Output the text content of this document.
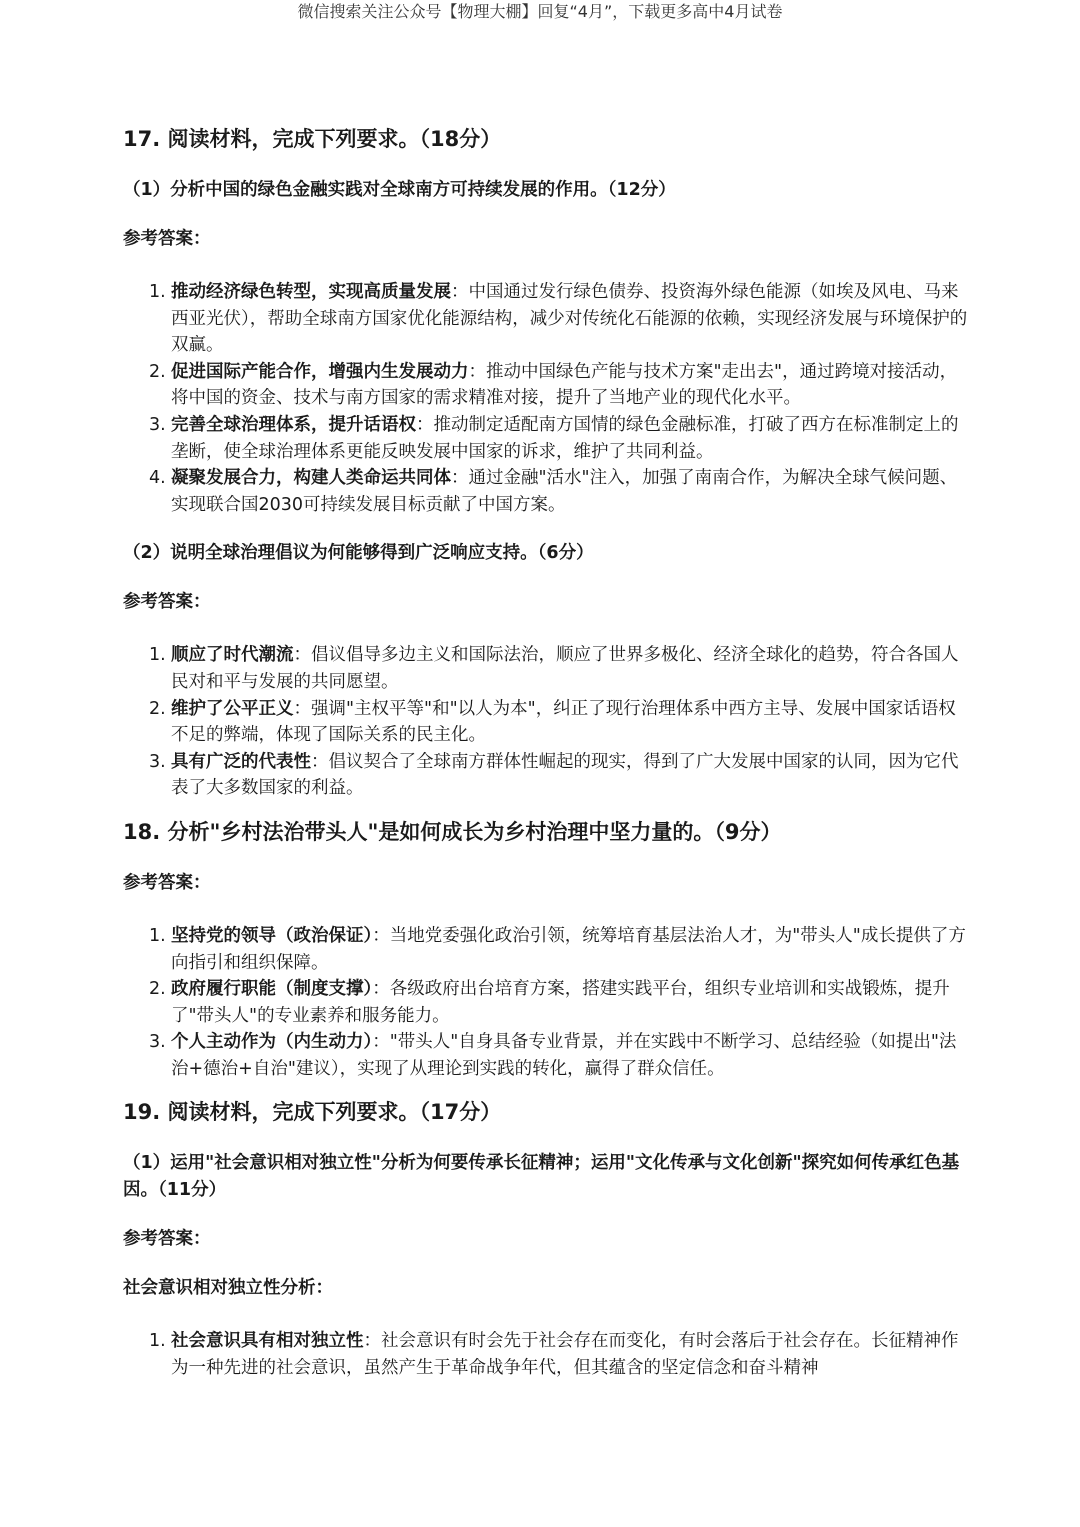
微信搜索关注公众号【物理大棚】回复“4月”，下载更多高中4月试卷
17. 阅读材料，完成下列要求。（18分）
（1）分析中国的绿色金融实践对全球南方可持续发展的作用。（12分）

参考答案：

1. 推动经济绿色转型，实现高质量发展：中国通过发行绿色债券、投资海外绿色能源（如埃及风电、马来西亚光伏），帮助全球南方国家优化能源结构，减少对传统化石能源的依赖，实现经济发展与环境保护的双赢。
2. 促进国际产能合作，增强内生发展动力：推动中国绿色产能与技术方案"走出去"，通过跨境对接活动，将中国的资金、技术与南方国家的需求精准对接，提升了当地产业的现代化水平。
3. 完善全球治理体系，提升话语权：推动制定适配南方国情的绿色金融标准，打破了西方在标准制定上的垄断，使全球治理体系更能反映发展中国家的诉求，维护了共同利益。
4. 凝聚发展合力，构建人类命运共同体：通过金融"活水"注入，加强了南南合作，为解决全球气候问题、实现联合国2030可持续发展目标贡献了中国方案。
（2）说明全球治理倡议为何能够得到广泛响应支持。（6分）

参考答案：

1. 顺应了时代潮流：倡议倡导多边主义和国际法治，顺应了世界多极化、经济全球化的趋势，符合各国人民对和平与发展的共同愿望。
2. 维护了公平正义：强调"主权平等"和"以人为本"，纠正了现行治理体系中西方主导、发展中国家话语权不足的弊端，体现了国际关系的民主化。
3. 具有广泛的代表性：倡议契合了全球南方群体性崛起的现实，得到了广大发展中国家的认同，因为它代表了大多数国家的利益。
18. 分析"乡村法治带头人"是如何成长为乡村治理中坚力量的。（9分）

参考答案：

1. 坚持党的领导（政治保证）：当地党委强化政治引领，统筹培育基层法治人才，为"带头人"成长提供了方向指引和组织保障。
2. 政府履行职能（制度支撑）：各级政府出台培育方案，搭建实践平台，组织专业培训和实战锻炼，提升了"带头人"的专业素养和服务能力。
3. 个人主动作为（内生动力）："带头人"自身具备专业背景，并在实践中不断学习、总结经验（如提出"法治+德治+自治"建议），实现了从理论到实践的转化，赢得了群众信任。
19. 阅读材料，完成下列要求。（17分）
（1）运用"社会意识相对独立性"分析为何要传承长征精神；运用"文化传承与文化创新"探究如何传承红色基因。（11分）

参考答案：

社会意识相对独立性分析：

1. 社会意识具有相对独立性：社会意识有时会先于社会存在而变化，有时会落后于社会存在。长征精神作为一种先进的社会意识，虽然产生于革命战争年代，但其蕴含的坚定信念和奋斗精神
